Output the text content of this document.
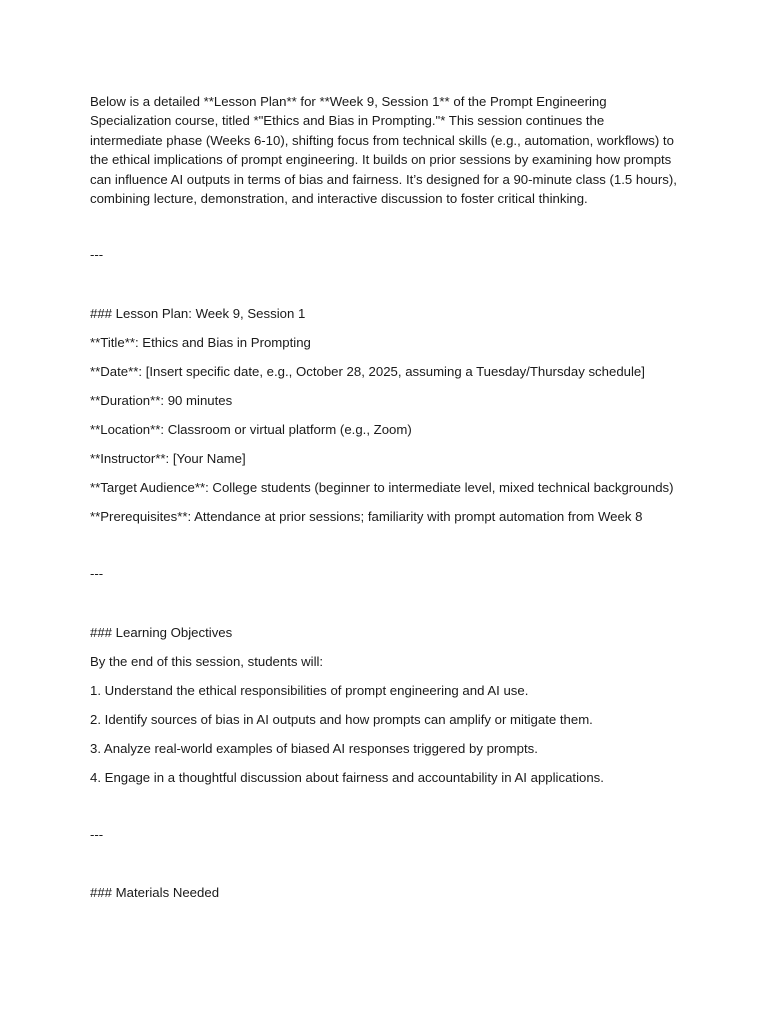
Below is a detailed **Lesson Plan** for **Week 9, Session 1** of the Prompt Engineering Specialization course, titled *"Ethics and Bias in Prompting."* This session continues the intermediate phase (Weeks 6-10), shifting focus from technical skills (e.g., automation, workflows) to the ethical implications of prompt engineering. It builds on prior sessions by examining how prompts can influence AI outputs in terms of bias and fairness. It’s designed for a 90-minute class (1.5 hours), combining lecture, demonstration, and interactive discussion to foster critical thinking.

---

### Lesson Plan: Week 9, Session 1

**Title**: Ethics and Bias in Prompting

**Date**: [Insert specific date, e.g., October 28, 2025, assuming a Tuesday/Thursday schedule]

**Duration**: 90 minutes

**Location**: Classroom or virtual platform (e.g., Zoom)

**Instructor**: [Your Name]

**Target Audience**: College students (beginner to intermediate level, mixed technical backgrounds)

**Prerequisites**: Attendance at prior sessions; familiarity with prompt automation from Week 8

---

### Learning Objectives

By the end of this session, students will:

1. Understand the ethical responsibilities of prompt engineering and AI use.

2. Identify sources of bias in AI outputs and how prompts can amplify or mitigate them.

3. Analyze real-world examples of biased AI responses triggered by prompts.

4. Engage in a thoughtful discussion about fairness and accountability in AI applications.

---

### Materials Needed
